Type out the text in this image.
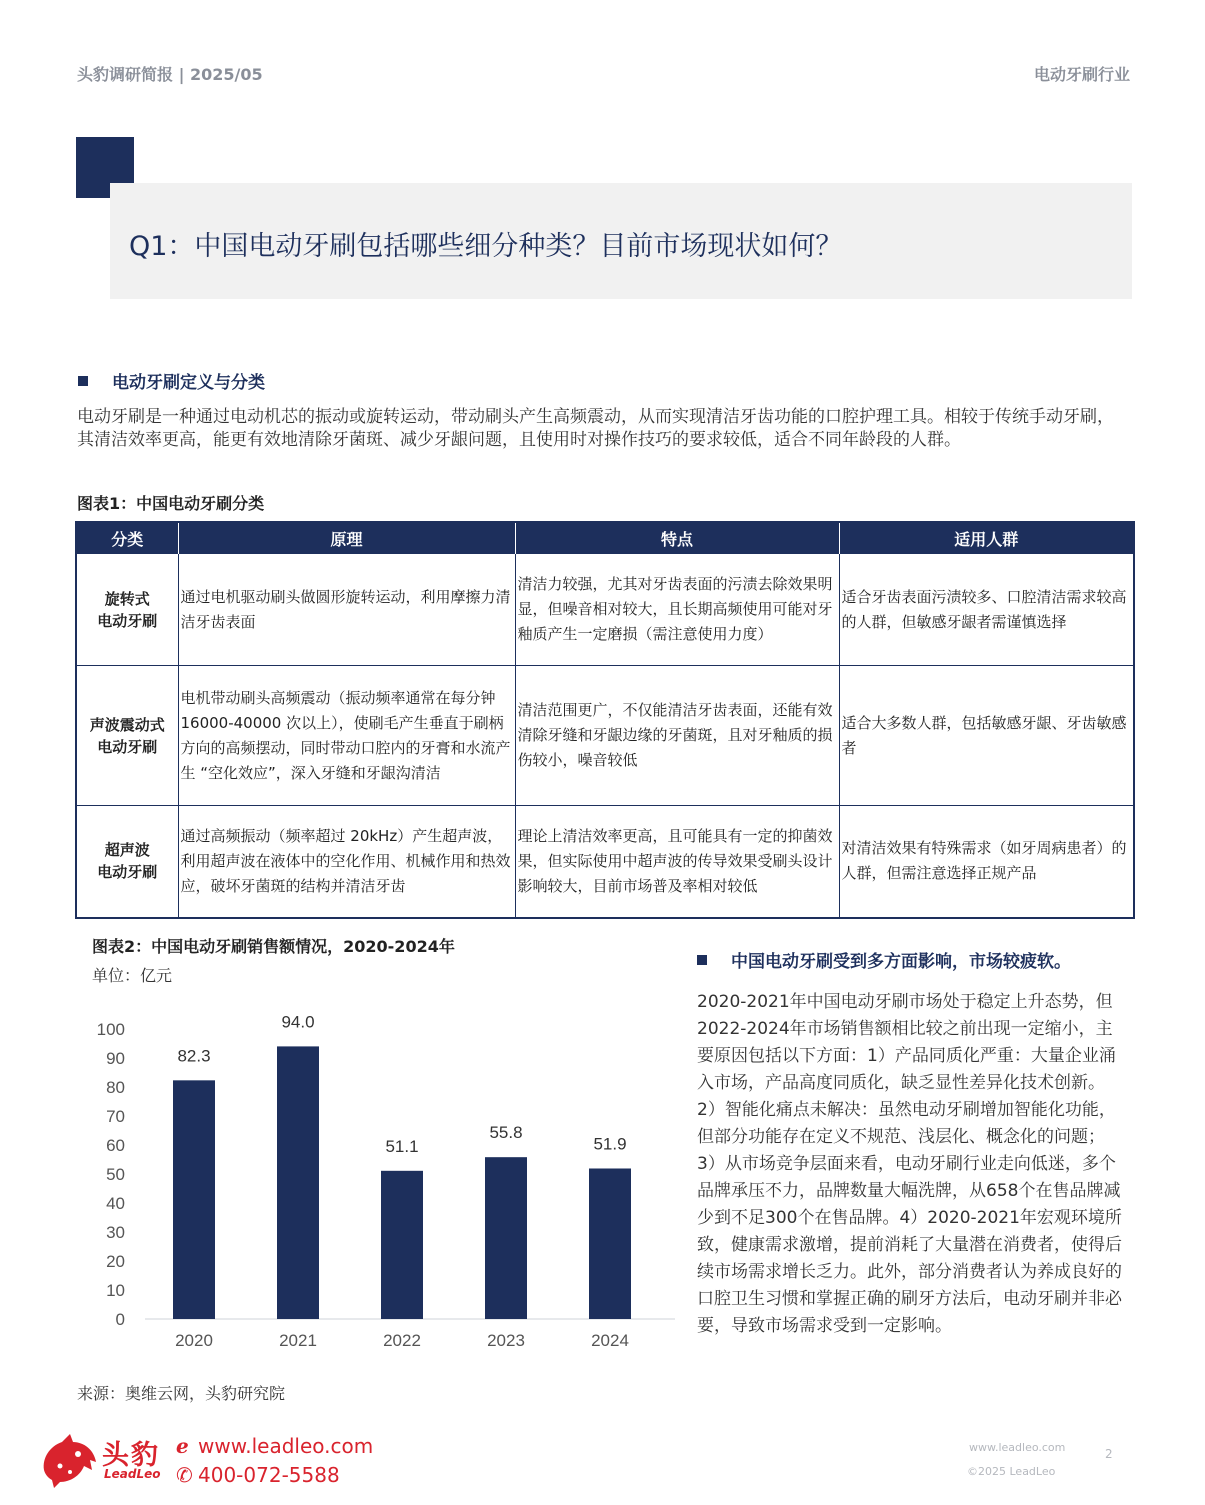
头豹调研简报 | 2025/05	电动牙刷行业
Q1：中国电动牙刷包括哪些细分种类？目前市场现状如何？
电动牙刷定义与分类
电动牙刷是一种通过电动机芯的振动或旋转运动，带动刷头产生高频震动，从而实现清洁牙齿功能的口腔护理工具。相较于传统手动牙刷，其清洁效率更高，能更有效地清除牙菌斑、减少牙龈问题，且使用时对操作技巧的要求较低，适合不同年龄段的人群。
图表1：中国电动牙刷分类
分类	原理	特点	适用人群

旋转式
电动牙刷	通过电机驱动刷头做圆形旋转运动，利用摩擦力清洁牙齿表面	清洁力较强，尤其对牙齿表面的污渍去除效果明显，但噪音相对较大，且长期高频使用可能对牙釉质产生一定磨损（需注意使用力度）	适合牙齿表面污渍较多、口腔清洁需求较高的人群，但敏感牙龈者需谨慎选择

声波震动式
电动牙刷	电机带动刷头高频震动（振动频率通常在每分钟 16000-40000 次以上），使刷毛产生垂直于刷柄方向的高频摆动，同时带动口腔内的牙膏和水流产生 “空化效应”，深入牙缝和牙龈沟清洁	清洁范围更广，不仅能清洁牙齿表面，还能有效清除牙缝和牙龈边缘的牙菌斑，且对牙釉质的损伤较小，噪音较低	适合大多数人群，包括敏感牙龈、牙齿敏感者

超声波
电动牙刷	通过高频振动（频率超过 20kHz）产生超声波，利用超声波在液体中的空化作用、机械作用和热效应，破坏牙菌斑的结构并清洁牙齿	理论上清洁效率更高，且可能具有一定的抑菌效果，但实际使用中超声波的传导效果受刷头设计影响较大，目前市场普及率相对较低	对清洁效果有特殊需求（如牙周病患者）的人群，但需注意选择正规产品
图表2：中国电动牙刷销售额情况，2020-2024年
单位：亿元
0
10
20
30
40
50
60
70
80
90
100
82.3
2020
94.0
2021
51.1
2022
55.8
2023
51.9
2024
中国电动牙刷受到多方面影响，市场较疲软。
2020-2021年中国电动牙刷市场处于稳定上升态势，但2022-2024年市场销售额相比较之前出现一定缩小，主要原因包括以下方面：1）产品同质化严重：大量企业涌入市场，产品高度同质化，缺乏显性差异化技术创新。2）智能化痛点未解决：虽然电动牙刷增加智能化功能，但部分功能存在定义不规范、浅层化、概念化的问题；3）从市场竞争层面来看，电动牙刷行业走向低迷，多个品牌承压不力，品牌数量大幅洗牌，从658个在售品牌减少到不足300个在售品牌。4）2020-2021年宏观环境所致，健康需求激增，提前消耗了大量潜在消费者，使得后续市场需求增长乏力。此外，部分消费者认为养成良好的口腔卫生习惯和掌握正确的刷牙方法后，电动牙刷并非必要，导致市场需求受到一定影响。
来源：奥维云网，头豹研究院
头豹
LeadLeo
ℯ www.leadleo.com
✆ 400-072-5588
www.leadleo.com
©2025 LeadLeo
2
